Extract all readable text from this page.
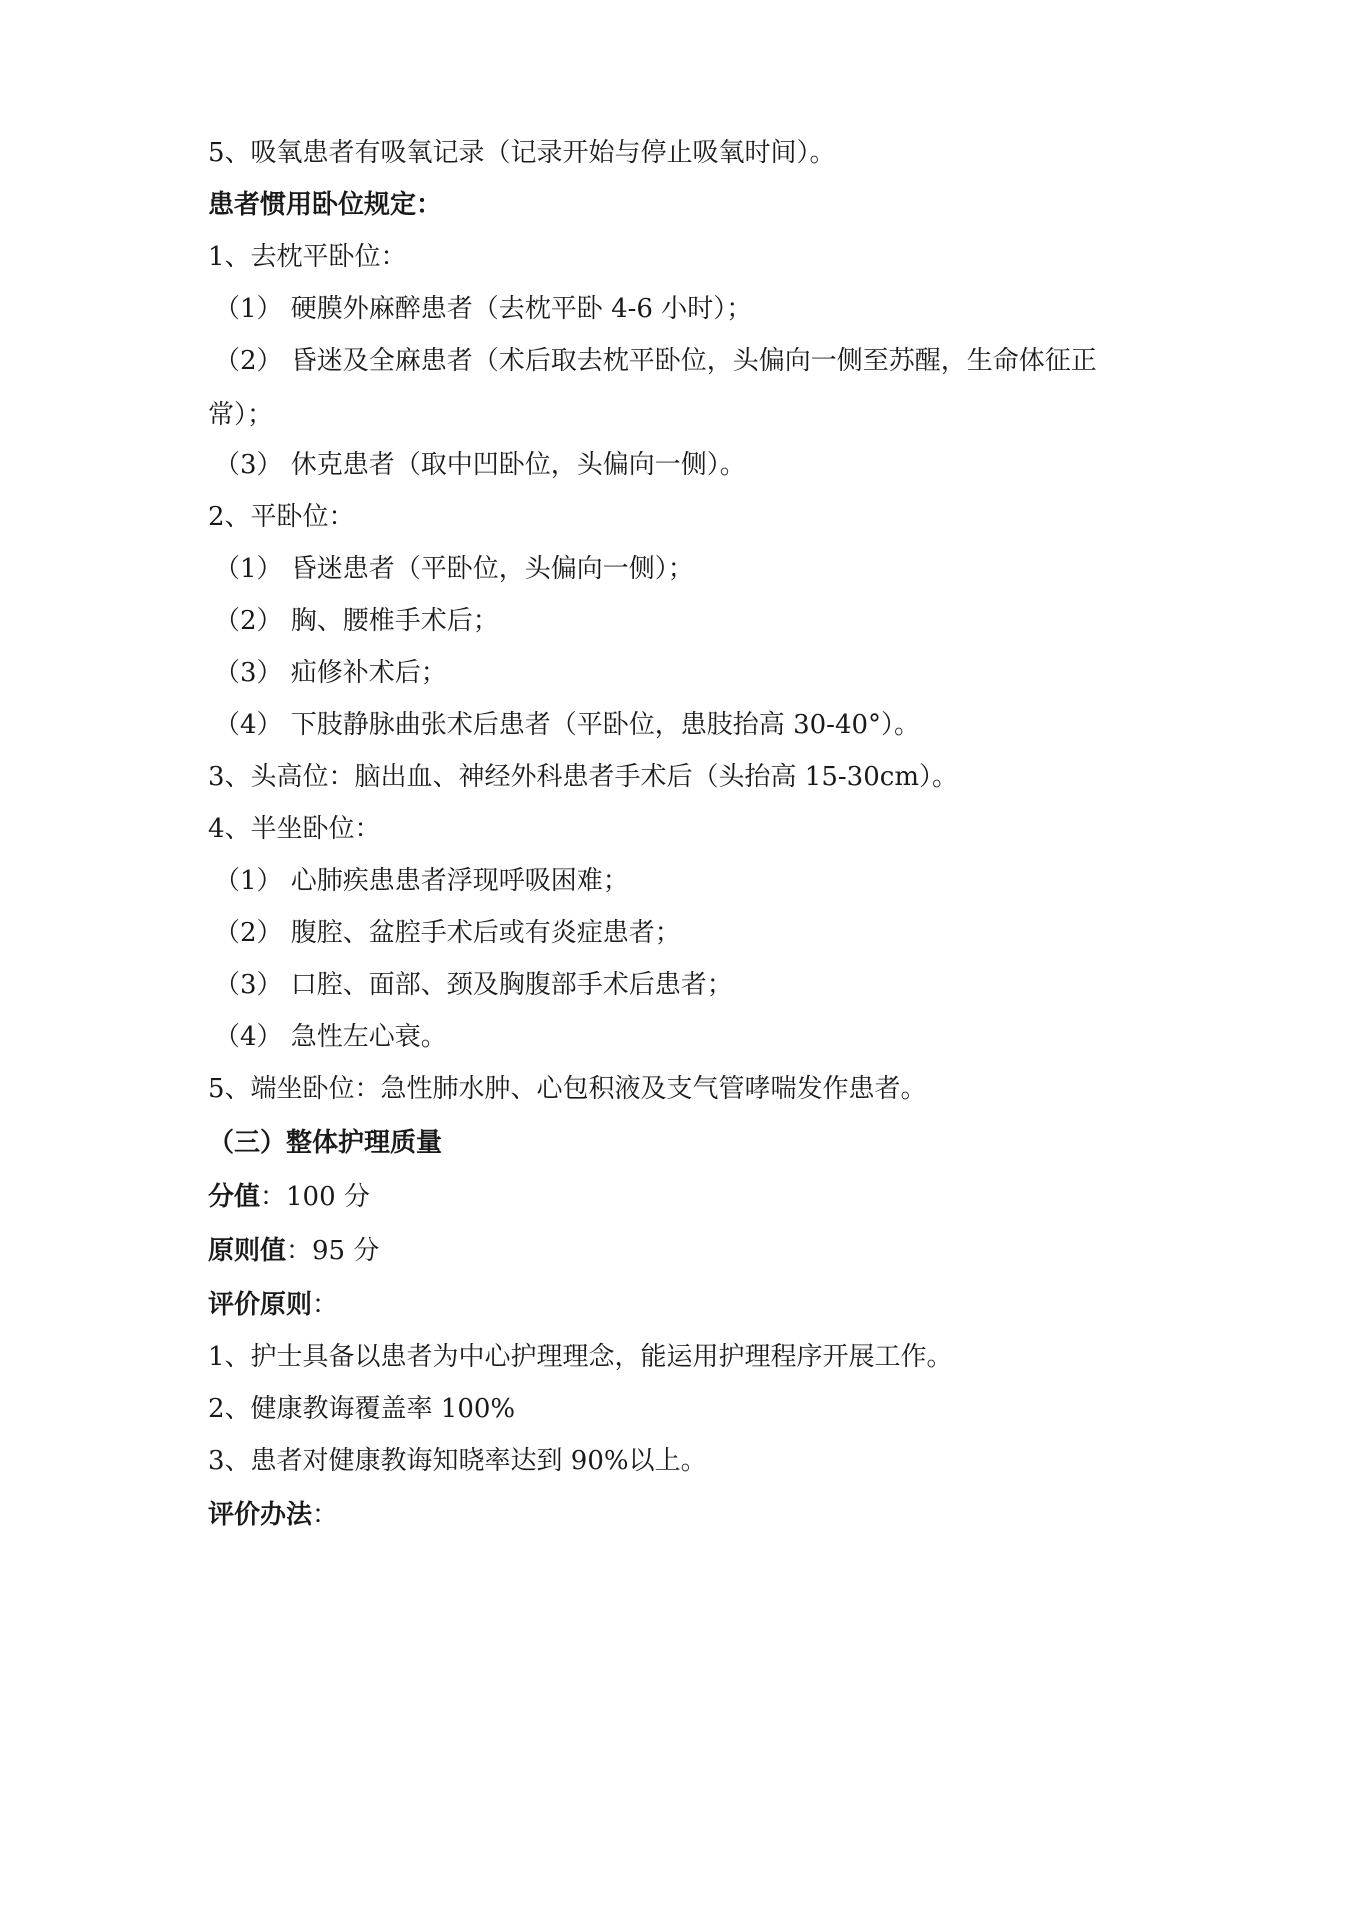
5、吸氧患者有吸氧记录（记录开始与停止吸氧时间）。
患者惯用卧位规定：
1、去枕平卧位：
（1） 硬膜外麻醉患者（去枕平卧 4-6 小时）；
（2） 昏迷及全麻患者（术后取去枕平卧位，头偏向一侧至苏醒，生命体征正
常）；
（3） 休克患者（取中凹卧位，头偏向一侧）。
2、平卧位：
（1） 昏迷患者（平卧位，头偏向一侧）；
（2） 胸、腰椎手术后；
（3） 疝修补术后；
（4） 下肢静脉曲张术后患者（平卧位，患肢抬高 30-40°）。
3、头高位：脑出血、神经外科患者手术后（头抬高 15-30cm）。
4、半坐卧位：
（1） 心肺疾患患者浮现呼吸困难；
（2） 腹腔、盆腔手术后或有炎症患者；
（3） 口腔、面部、颈及胸腹部手术后患者；
（4） 急性左心衰。
5、端坐卧位：急性肺水肿、心包积液及支气管哮喘发作患者。
（三）整体护理质量
分值：100 分
原则值：95 分
评价原则：
1、护士具备以患者为中心护理理念，能运用护理程序开展工作。
2、健康教诲覆盖率 100%
3、患者对健康教诲知晓率达到 90%以上。
评价办法：
